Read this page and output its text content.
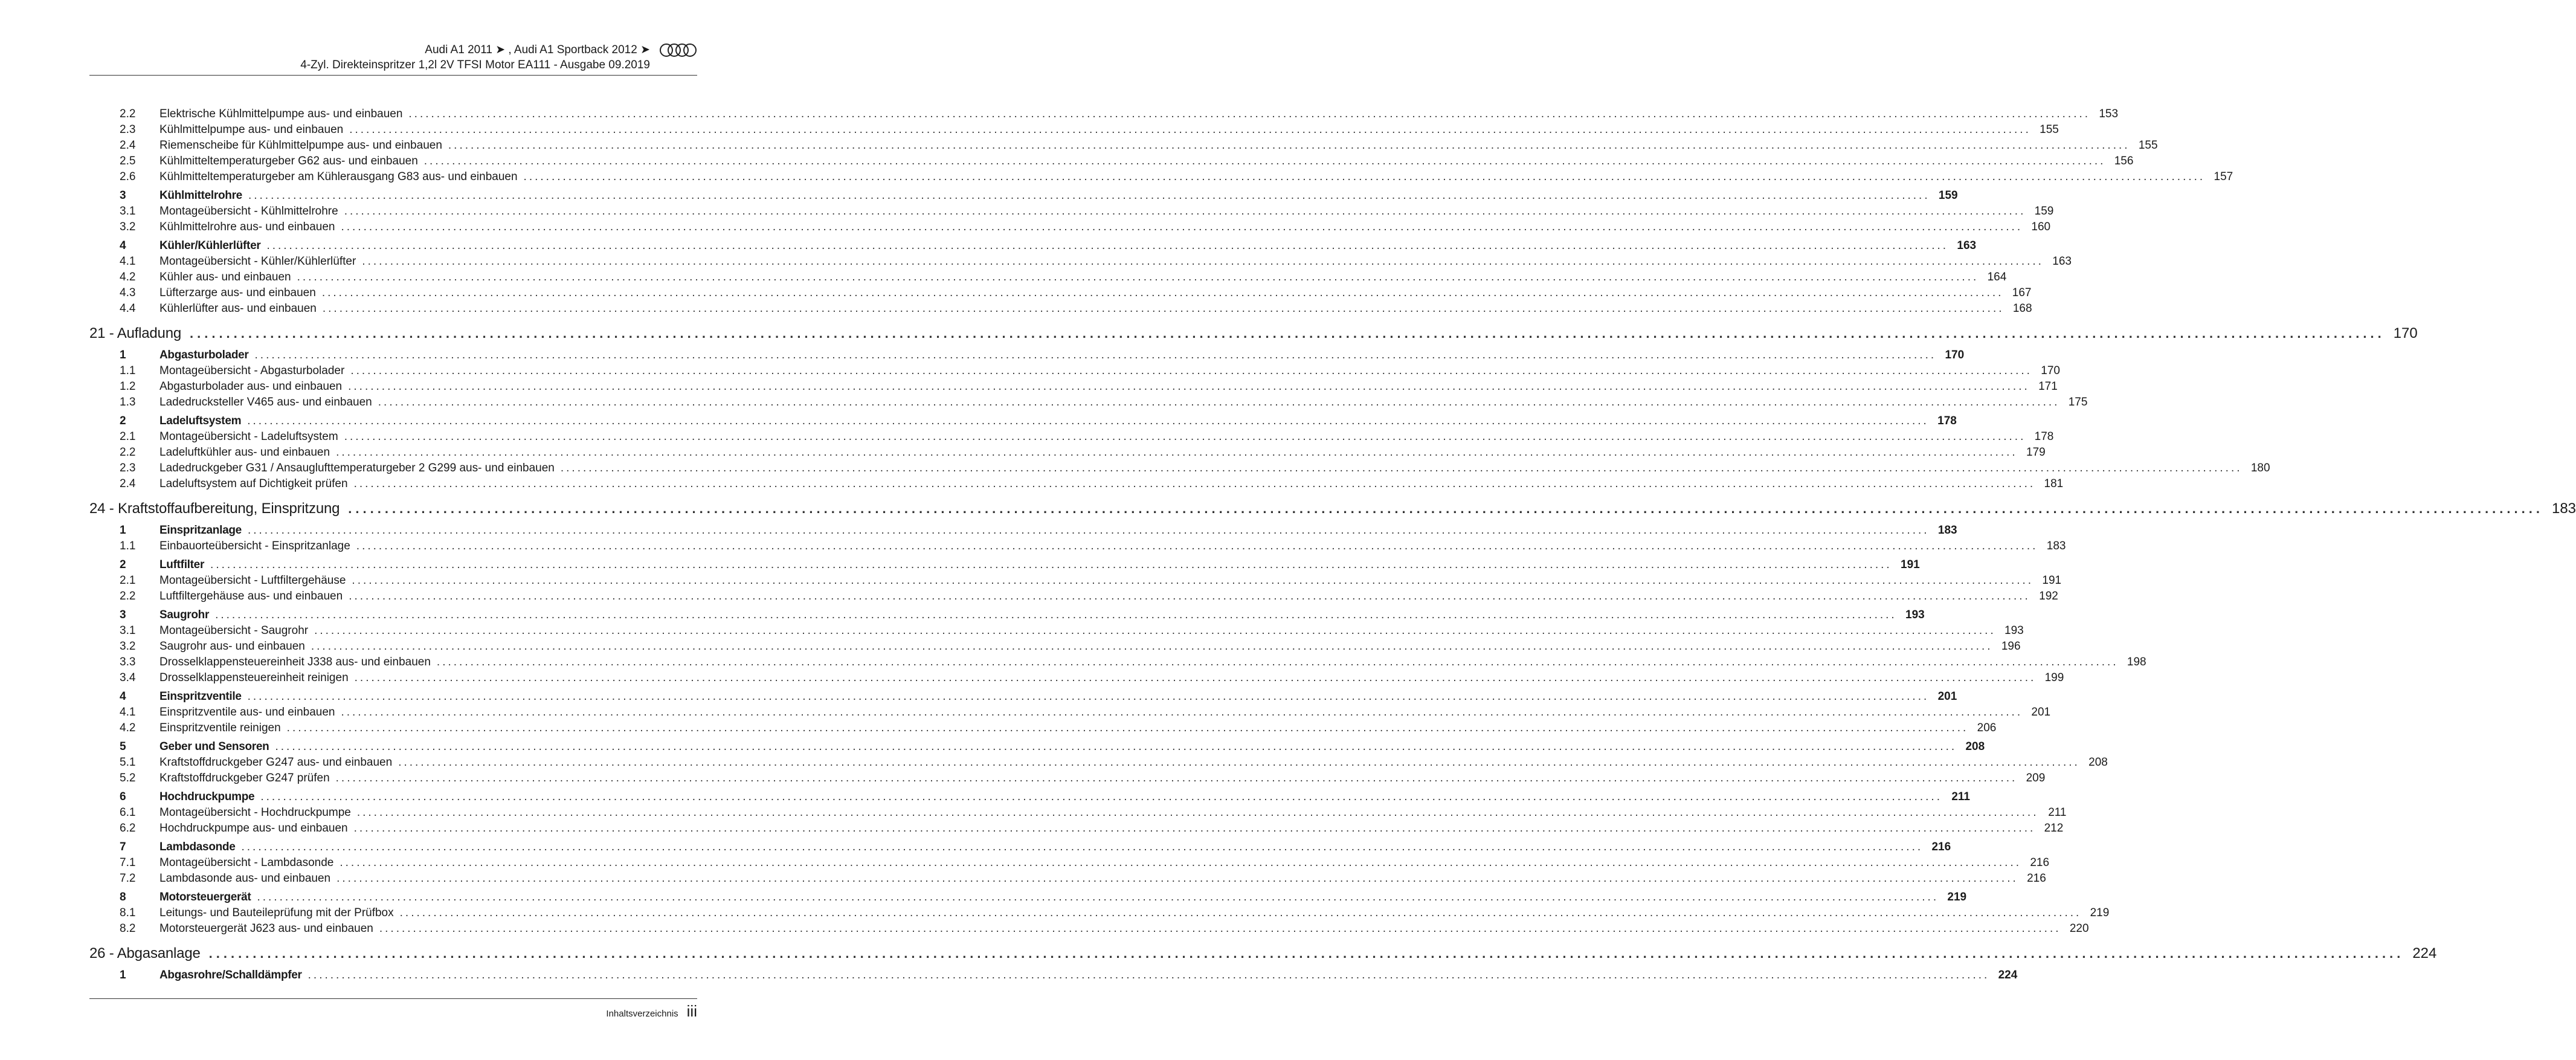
Audi A1 2011 ➤ , Audi A1 Sportback 2012 ➤
4-Zyl. Direkteinspritzer 1,2l 2V TFSI Motor EA111 - Ausgabe 09.2019
2.2	Elektrische Kühlmittelpumpe aus- und einbauen ............................................................................................................................................................................................................................................................................................................ 153
2.3	Kühlmittelpumpe aus- und einbauen ............................................................................................................................................................................................................................................................................................................ 155
2.4	Riemenscheibe für Kühlmittelpumpe aus- und einbauen ............................................................................................................................................................................................................................................................................................................ 155
2.5	Kühlmitteltemperaturgeber G62 aus- und einbauen ............................................................................................................................................................................................................................................................................................................ 156
2.6	Kühlmitteltemperaturgeber am Kühlerausgang G83 aus- und einbauen ............................................................................................................................................................................................................................................................................................................ 157
3	Kühlmittelrohre ............................................................................................................................................................................................................................................................................................................ 159
3.1	Montageübersicht - Kühlmittelrohre ............................................................................................................................................................................................................................................................................................................ 159
3.2	Kühlmittelrohre aus- und einbauen ............................................................................................................................................................................................................................................................................................................ 160
4	Kühler/Kühlerlüfter ............................................................................................................................................................................................................................................................................................................ 163
4.1	Montageübersicht - Kühler/Kühlerlüfter ............................................................................................................................................................................................................................................................................................................ 163
4.2	Kühler aus- und einbauen ............................................................................................................................................................................................................................................................................................................ 164
4.3	Lüfterzarge aus- und einbauen ............................................................................................................................................................................................................................................................................................................ 167
4.4	Kühlerlüfter aus- und einbauen ............................................................................................................................................................................................................................................................................................................ 168
21 - Aufladung ............................................................................................................................................................................................................................................................................................................ 170
1	Abgasturbolader ............................................................................................................................................................................................................................................................................................................ 170
1.1	Montageübersicht - Abgasturbolader ............................................................................................................................................................................................................................................................................................................ 170
1.2	Abgasturbolader aus- und einbauen ............................................................................................................................................................................................................................................................................................................ 171
1.3	Ladedrucksteller V465 aus- und einbauen ............................................................................................................................................................................................................................................................................................................ 175
2	Ladeluftsystem ............................................................................................................................................................................................................................................................................................................ 178
2.1	Montageübersicht - Ladeluftsystem ............................................................................................................................................................................................................................................................................................................ 178
2.2	Ladeluftkühler aus- und einbauen ............................................................................................................................................................................................................................................................................................................ 179
2.3	Ladedruckgeber G31 / Ansauglufttemperaturgeber 2 G299 aus- und einbauen ............................................................................................................................................................................................................................................................................................................ 180
2.4	Ladeluftsystem auf Dichtigkeit prüfen ............................................................................................................................................................................................................................................................................................................ 181
24 - Kraftstoffaufbereitung, Einspritzung ............................................................................................................................................................................................................................................................................................................ 183
1	Einspritzanlage ............................................................................................................................................................................................................................................................................................................ 183
1.1	Einbauorteübersicht - Einspritzanlage ............................................................................................................................................................................................................................................................................................................ 183
2	Luftfilter ............................................................................................................................................................................................................................................................................................................ 191
2.1	Montageübersicht - Luftfiltergehäuse ............................................................................................................................................................................................................................................................................................................ 191
2.2	Luftfiltergehäuse aus- und einbauen ............................................................................................................................................................................................................................................................................................................ 192
3	Saugrohr ............................................................................................................................................................................................................................................................................................................ 193
3.1	Montageübersicht - Saugrohr ............................................................................................................................................................................................................................................................................................................ 193
3.2	Saugrohr aus- und einbauen ............................................................................................................................................................................................................................................................................................................ 196
3.3	Drosselklappensteuereinheit J338 aus- und einbauen ............................................................................................................................................................................................................................................................................................................ 198
3.4	Drosselklappensteuereinheit reinigen ............................................................................................................................................................................................................................................................................................................ 199
4	Einspritzventile ............................................................................................................................................................................................................................................................................................................ 201
4.1	Einspritzventile aus- und einbauen ............................................................................................................................................................................................................................................................................................................ 201
4.2	Einspritzventile reinigen ............................................................................................................................................................................................................................................................................................................ 206
5	Geber und Sensoren ............................................................................................................................................................................................................................................................................................................ 208
5.1	Kraftstoffdruckgeber G247 aus- und einbauen ............................................................................................................................................................................................................................................................................................................ 208
5.2	Kraftstoffdruckgeber G247 prüfen ............................................................................................................................................................................................................................................................................................................ 209
6	Hochdruckpumpe ............................................................................................................................................................................................................................................................................................................ 211
6.1	Montageübersicht - Hochdruckpumpe ............................................................................................................................................................................................................................................................................................................ 211
6.2	Hochdruckpumpe aus- und einbauen ............................................................................................................................................................................................................................................................................................................ 212
7	Lambdasonde ............................................................................................................................................................................................................................................................................................................ 216
7.1	Montageübersicht - Lambdasonde ............................................................................................................................................................................................................................................................................................................ 216
7.2	Lambdasonde aus- und einbauen ............................................................................................................................................................................................................................................................................................................ 216
8	Motorsteuergerät ............................................................................................................................................................................................................................................................................................................ 219
8.1	Leitungs- und Bauteileprüfung mit der Prüfbox ............................................................................................................................................................................................................................................................................................................ 219
8.2	Motorsteuergerät J623 aus- und einbauen ............................................................................................................................................................................................................................................................................................................ 220
26 - Abgasanlage ............................................................................................................................................................................................................................................................................................................ 224
1	Abgasrohre/Schalldämpfer ............................................................................................................................................................................................................................................................................................................ 224
Inhaltsverzeichnis iii
